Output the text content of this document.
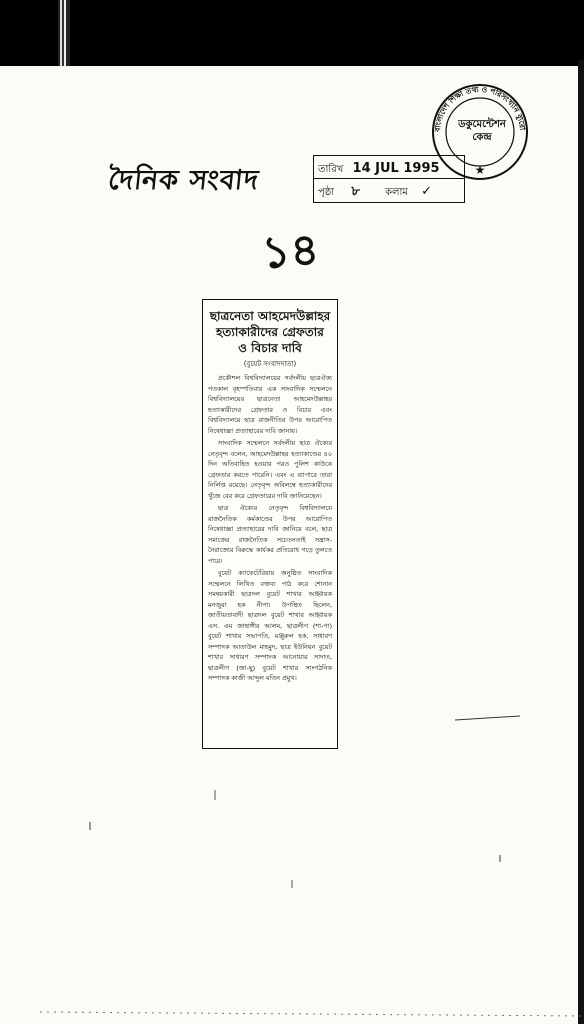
দৈনিক সংবাদ	তারিখ 14 JUL 1995
পৃষ্ঠা ৮	কলাম ✓
বাংলাদেশ শিক্ষা তথ্য ও পরিসংখ্যান ব্যুরো
★
ডকুমেন্টেশন
কেন্দ্র
১৪
ছাত্রনেতা আহমেদউল্লাহর
হত্যাকারীদের গ্রেফতার
ও বিচার দাবি
(বুয়েট সংবাদদাতা)

প্রকৌশল বিশ্ববিদ্যালয়ের সর্বদলীয় ছাত্রঐক্য গতকাল বৃহস্পতিবার এক সাংবাদিক সম্মেলনে বিশ্ববিদ্যালয়ের ছাত্রনেতা আহমেদউল্লাহর হত্যাকারীদের গ্রেফতার ও বিচার এবং বিশ্ববিদ্যালয়ে ছাত্র রাজনীতির উপর আরোপিত নিষেধাজ্ঞা প্রত্যাহারের দাবি জানায়।

সাংবাদিক সম্মেলনে সর্বদলীয় ছাত্র ঐক্যের নেতৃবৃন্দ বলেন, আহমেদউল্লাহর হত্যাকাণ্ডের ৪০ দিন অতিবাহিত হওয়ার পরও পুলিশ কাউকে গ্রেফতার করতে পারেনি। এবং এ ব্যাপারে তারা নির্লিপ্ত রয়েছে। নেতৃবৃন্দ অবিলম্বে হত্যাকারীদের খুঁজে বের করে গ্রেফতারের দাবি জানিয়েছেন।

ছাত্র ঐক্যের নেতৃবৃন্দ বিশ্ববিদ্যালয়ে রাজনৈতিক কর্মকাণ্ডের উপর আরোপিত নিষেধাজ্ঞা প্রত্যাহারের দাবি জানিয়ে বলে, ছাত্র সমাজের রাজনৈতিক সচেতনতাই সন্ত্রাস-নৈরাজ্যের বিরুদ্ধে কার্যকর প্রতিরোধ গড়ে তুলতে পারে।

বুয়েট ক্যাফেটেরিয়ায় অনুষ্ঠিত সাংবাদিক সম্মেলনে লিখিত বক্তব্য পাঠ করে শোনান সমন্বয়কারী ছাত্রদল বুয়েট শাখার আহ্বায়ক মনজুরা হক নীপা। উপস্থিত ছিলেন, জাতীয়তাবাদী ছাত্রদল বুয়েট শাখার আহ্বায়ক এস. এম জাহাঙ্গীর আলম, ছাত্রলীগ (শা-পা) বুয়েট শাখার সভাপতি, মঞ্জুরুল হক, সাধারণ সম্পাদক আতাউল মাহমুদ, ছাত্র ইউনিয়ন বুয়েট শাখার সাধারণ সম্পাদক আনোয়ার সাদাত, ছাত্রলীগ (জা-ছু) বুয়েট শাখার সাংগঠনিক সম্পাদক কাজী আব্দুল মতিন প্রমুখ।
